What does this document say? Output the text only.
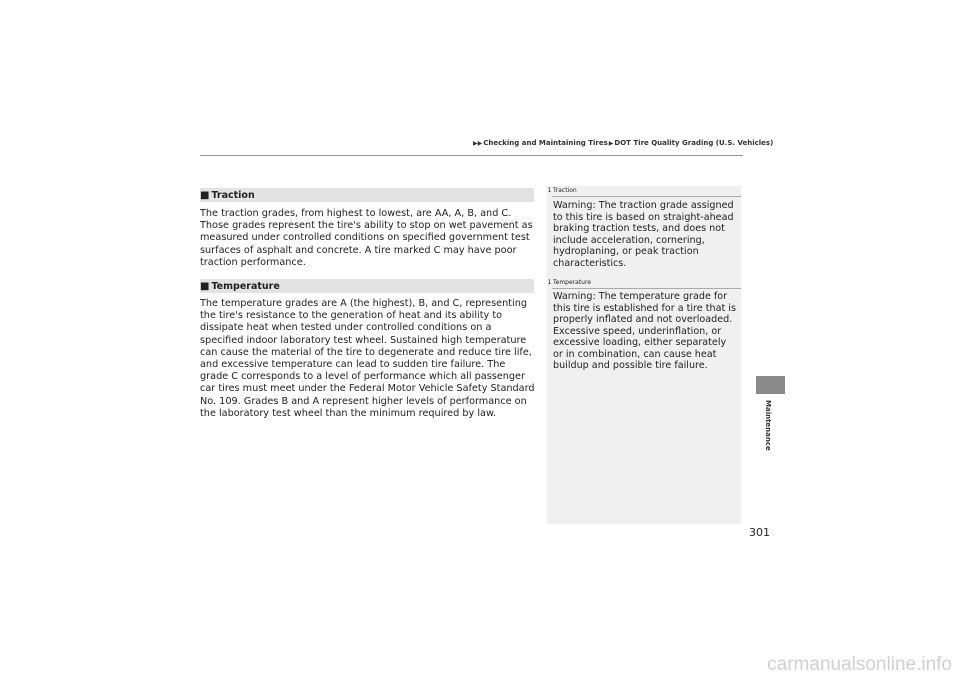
▶▶ Checking and Maintaining Tires ▶ DOT Tire Quality Grading (U.S. Vehicles)
■ Traction

The traction grades, from highest to lowest, are AA, A, B, and C. Those grades represent the tire's ability to stop on wet pavement as measured under controlled conditions on specified government test surfaces of asphalt and concrete. A tire marked C may have poor traction performance.

■ Temperature

The temperature grades are A (the highest), B, and C, representing the tire's resistance to the generation of heat and its ability to dissipate heat when tested under controlled conditions on a specified indoor laboratory test wheel. Sustained high temperature can cause the material of the tire to degenerate and reduce tire life, and excessive temperature can lead to sudden tire failure. The grade C corresponds to a level of performance which all passenger car tires must meet under the Federal Motor Vehicle Safety Standard No. 109. Grades B and A represent higher levels of performance on the laboratory test wheel than the minimum required by law.

1 Traction

Warning: The traction grade assigned to this tire is based on straight-ahead braking traction tests, and does not include acceleration, cornering, hydroplaning, or peak traction characteristics.

1 Temperature

Warning: The temperature grade for this tire is established for a tire that is properly inflated and not overloaded. Excessive speed, underinflation, or excessive loading, either separately or in combination, can cause heat buildup and possible tire failure.

Maintenance
301
carmanualsonline.info
